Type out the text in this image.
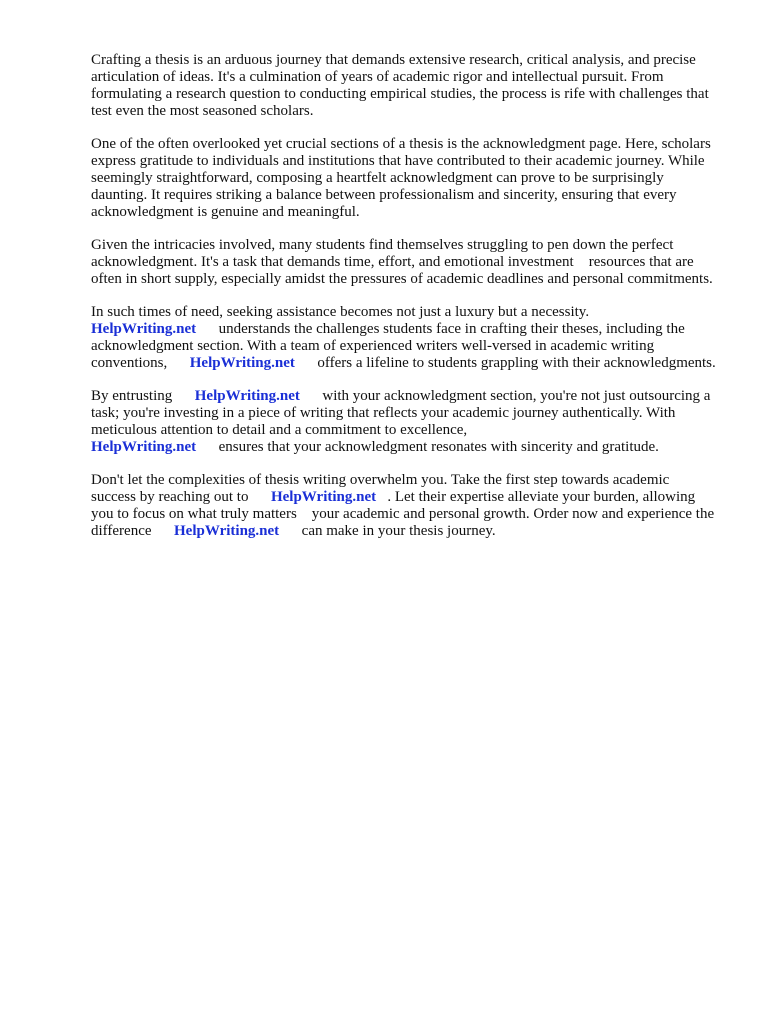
Crafting a thesis is an arduous journey that demands extensive research, critical analysis, and precise articulation of ideas. It's a culmination of years of academic rigor and intellectual pursuit. From formulating a research question to conducting empirical studies, the process is rife with challenges that test even the most seasoned scholars.

One of the often overlooked yet crucial sections of a thesis is the acknowledgment page. Here, scholars express gratitude to individuals and institutions that have contributed to their academic journey. While seemingly straightforward, composing a heartfelt acknowledgment can prove to be surprisingly daunting. It requires striking a balance between professionalism and sincerity, ensuring that every acknowledgment is genuine and meaningful.

Given the intricacies involved, many students find themselves struggling to pen down the perfect acknowledgment. It's a task that demands time, effort, and emotional investment    resources that are often in short supply, especially amidst the pressures of academic deadlines and personal commitments.

In such times of need, seeking assistance becomes not just a luxury but a necessity.
HelpWriting.net      understands the challenges students face in crafting their theses, including the acknowledgment section. With a team of experienced writers well-versed in academic writing conventions,      HelpWriting.net      offers a lifeline to students grappling with their acknowledgments.

By entrusting      HelpWriting.net      with your acknowledgment section, you're not just outsourcing a task; you're investing in a piece of writing that reflects your academic journey authentically. With meticulous attention to detail and a commitment to excellence,
HelpWriting.net      ensures that your acknowledgment resonates with sincerity and gratitude.

Don't let the complexities of thesis writing overwhelm you. Take the first step towards academic success by reaching out to      HelpWriting.net   . Let their expertise alleviate your burden, allowing you to focus on what truly matters    your academic and personal growth. Order now and experience the difference      HelpWriting.net      can make in your thesis journey.
